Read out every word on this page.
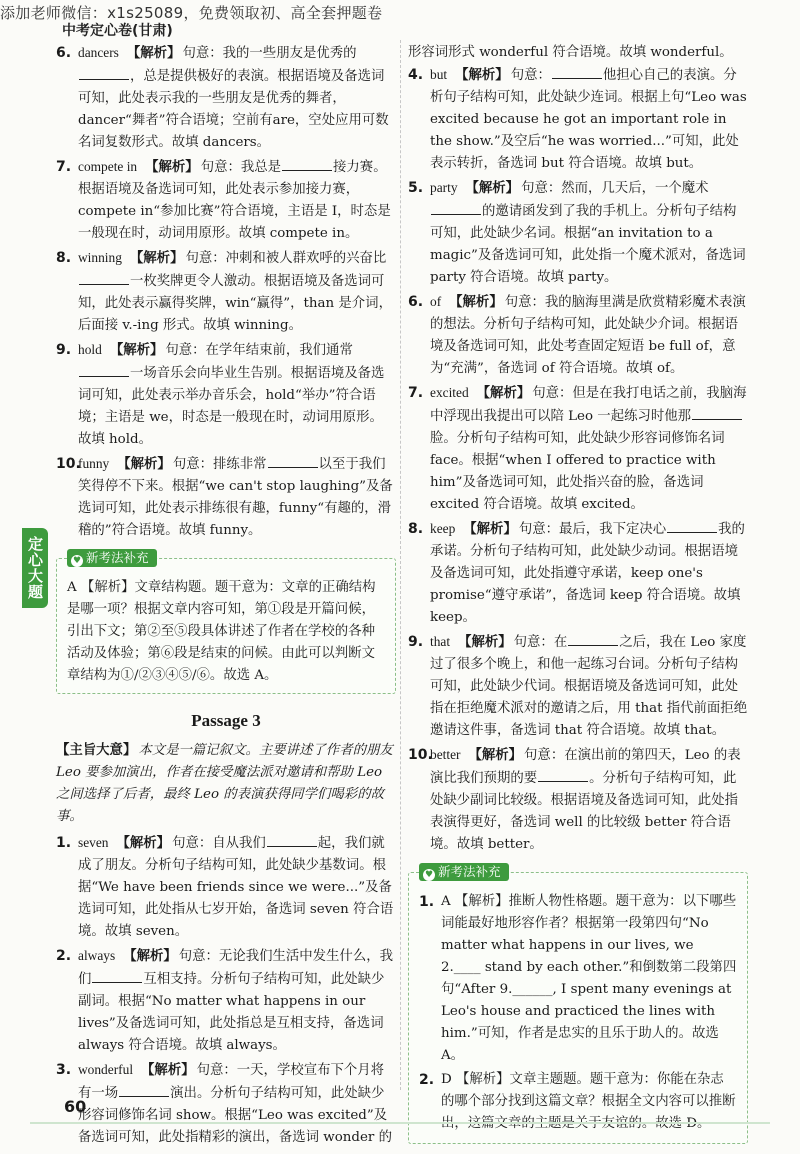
添加老师微信：x1s25089，免费领取初、高全套押题卷
中考定心卷(甘肃)
定心大题
6. dancers 【解析】 句意：我的一些朋友是优秀的，总是提供极好的表演。根据语境及备选词可知，此处表示我的一些朋友是优秀的舞者，dancer“舞者”符合语境；空前有are，空处应用可数名词复数形式。故填 dancers。
7. compete in 【解析】 句意：我总是	接力赛。根据语境及备选词可知，此处表示参加接力赛，compete in“参加比赛”符合语境，主语是 I，时态是一般现在时，动词用原形。故填 compete in。
8. winning 【解析】 句意：冲刺和被人群欢呼的兴奋比一枚奖牌更令人激动。根据语境及备选词可知，此处表示赢得奖牌，win“赢得”，than 是介词，后面接 v.-ing 形式。故填 winning。
9. hold 【解析】 句意：在学年结束前，我们通常一场音乐会向毕业生告别。根据语境及备选词可知，此处表示举办音乐会，hold“举办”符合语境；主语是 we，时态是一般现在时，动词用原形。故填 hold。
10.
funny 【解析】 句意：排练非常	以至于我们笑得停不下来。根据“we can't stop laughing”及备选词可知，此处表示排练很有趣，funny“有趣的，滑稽的”符合语境。故填 funny。
♥ 新考法补充
A 【解析】文章结构题。题干意为：文章的正确结构是哪一项？根据文章内容可知，第①段是开篇问候，引出下文；第②至⑤段具体讲述了作者在学校的各种活动及体验；第⑥段是结束的问候。由此可以判断文章结构为①/②③④⑤/⑥。故选 A。
Passage 3
【主旨大意】 本文是一篇记叙文。主要讲述了作者的朋友 Leo 要参加演出，作者在接受魔法派对邀请和帮助 Leo 之间选择了后者，最终 Leo 的表演获得同学们喝彩的故事。
1. seven 【解析】 句意：自从我们	起，我们就成了朋友。分析句子结构可知，此处缺少基数词。根据“We have been friends since we were...”及备选词可知，此处指从七岁开始，备选词 seven 符合语境。故填 seven。
2. always 【解析】 句意：无论我们生活中发生什么，我们	互相支持。分析句子结构可知，此处缺少副词。根据“No matter what happens in our lives”及备选词可知，此处指总是互相支持，备选词 always 符合语境。故填 always。
3. wonderful 【解析】 句意：一天，学校宣布下个月将有一场	演出。分析句子结构可知，此处缺少形容词修饰名词 show。根据“Leo was excited”及备选词可知，此处指精彩的演出，备选词 wonder 的
形容词形式 wonderful 符合语境。故填 wonderful。
4. but 【解析】 句意：	他担心自己的表演。分析句子结构可知，此处缺少连词。根据上句“Leo was excited because he got an important role in the show.”及空后“he was worried...”可知，此处表示转折，备选词 but 符合语境。故填 but。
5. party 【解析】 句意：然而，几天后，一个魔术的邀请函发到了我的手机上。分析句子结构可知，此处缺少名词。根据“an invitation to a magic”及备选词可知，此处指一个魔术派对，备选词 party 符合语境。故填 party。
6. of 【解析】 句意：我的脑海里满是欣赏精彩魔术表演的想法。分析句子结构可知，此处缺少介词。根据语境及备选词可知，此处考查固定短语 be full of，意为“充满”，备选词 of 符合语境。故填 of。
7. excited 【解析】 句意：但是在我打电话之前，我脑海中浮现出我提出可以陪 Leo 一起练习时他那脸。分析句子结构可知，此处缺少形容词修饰名词 face。根据“when I offered to practice with him”及备选词可知，此处指兴奋的脸，备选词 excited 符合语境。故填 excited。
8. keep 【解析】 句意：最后，我下定决心	我的承诺。分析句子结构可知，此处缺少动词。根据语境及备选词可知，此处指遵守承诺，keep one's promise“遵守承诺”，备选词 keep 符合语境。故填 keep。
9. that 【解析】 句意：在	之后，我在 Leo 家度过了很多个晚上，和他一起练习台词。分析句子结构可知，此处缺少代词。根据语境及备选词可知，此处指在拒绝魔术派对的邀请之后，用 that 指代前面拒绝邀请这件事，备选词 that 符合语境。故填 that。
10.
better 【解析】 句意：在演出前的第四天，Leo 的表演比我们预期的要	。分析句子结构可知，此处缺少副词比较级。根据语境及备选词可知，此处指表演得更好，备选词 well 的比较级 better 符合语境。故填 better。
♥ 新考法补充
1. A 【解析】推断人物性格题。题干意为：以下哪些词能最好地形容作者？根据第一段第四句“No matter what happens in our lives, we 2.____ stand by each other.”和倒数第二段第四句“After 9.______, I spent many evenings at Leo's house and practiced the lines with him.”可知，作者是忠实的且乐于助人的。故选 A。
2. D 【解析】文章主题题。题干意为：你能在杂志的哪个部分找到这篇文章？根据全文内容可以推断出，这篇文章的主题是关于友谊的。故选 D。
60
